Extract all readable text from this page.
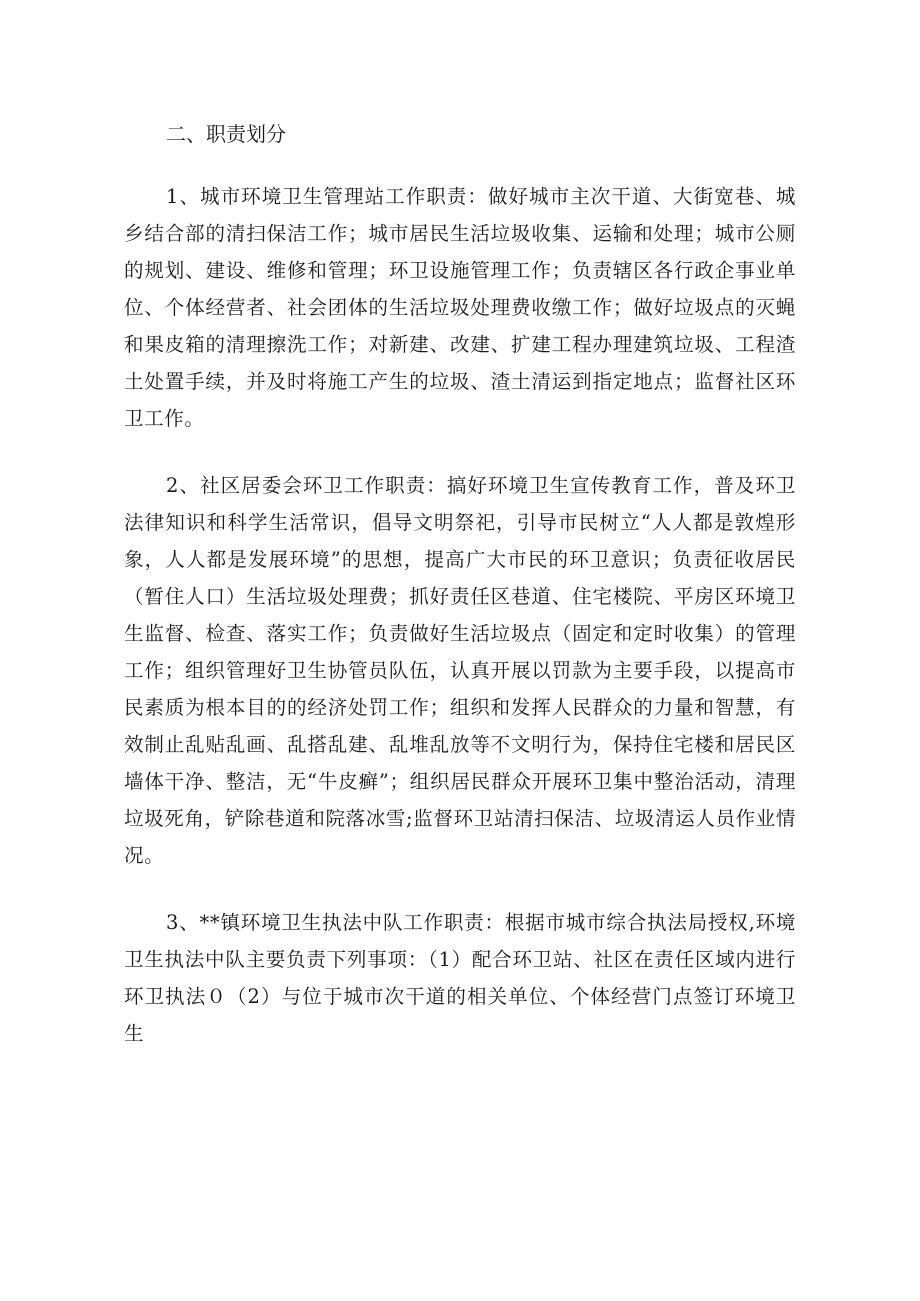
二、职责划分

1、城市环境卫生管理站工作职责：做好城市主次干道、大街宽巷、城乡结合部的清扫保洁工作；城市居民生活垃圾收集、运输和处理；城市公厕的规划、建设、维修和管理；环卫设施管理工作；负责辖区各行政企事业单位、个体经营者、社会团体的生活垃圾处理费收缴工作；做好垃圾点的灭蝇和果皮箱的清理擦洗工作；对新建、改建、扩建工程办理建筑垃圾、工程渣土处置手续，并及时将施工产生的垃圾、渣土清运到指定地点；监督社区环卫工作。

2、社区居委会环卫工作职责：搞好环境卫生宣传教育工作，普及环卫法律知识和科学生活常识，倡导文明祭祀，引导市民树立“人人都是敦煌形象，人人都是发展环境”的思想，提高广大市民的环卫意识；负责征收居民（暂住人口）生活垃圾处理费；抓好责任区巷道、住宅楼院、平房区环境卫生监督、检查、落实工作；负责做好生活垃圾点（固定和定时收集）的管理工作；组织管理好卫生协管员队伍，认真开展以罚款为主要手段，以提高市民素质为根本目的的经济处罚工作；组织和发挥人民群众的力量和智慧，有效制止乱贴乱画、乱搭乱建、乱堆乱放等不文明行为，保持住宅楼和居民区墙体干净、整洁，无“牛皮癣”；组织居民群众开展环卫集中整治活动，清理垃圾死角，铲除巷道和院落冰雪;监督环卫站清扫保洁、垃圾清运人员作业情况。

3、**镇环境卫生执法中队工作职责：根据市城市综合执法局授权,环境卫生执法中队主要负责下列事项：（1）配合环卫站、社区在责任区域内进行环卫执法０（2）与位于城市次干道的相关单位、个体经营门点签订环境卫生
